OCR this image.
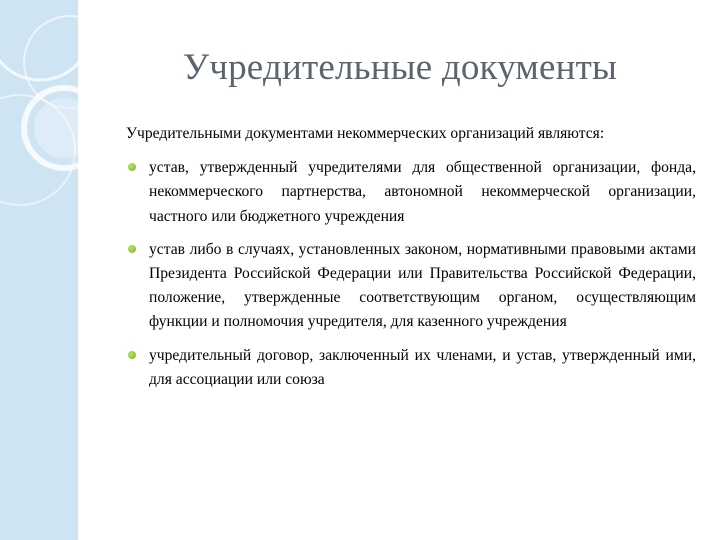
Учредительные документы

Учредительными документами некоммерческих организаций являются:

устав, утвержденный учредителями для общественной организации, фонда, некоммерческого партнерства, автономной некоммерческой организации, частного или бюджетного учреждения
устав либо в случаях, установленных законом, нормативными правовыми актами Президента Российской Федерации или Правительства Российской Федерации, положение, утвержденные соответствующим органом, осуществляющим функции и полномочия учредителя, для казенного учреждения
учредительный договор, заключенный их членами, и устав, утвержденный ими, для ассоциации или союза
